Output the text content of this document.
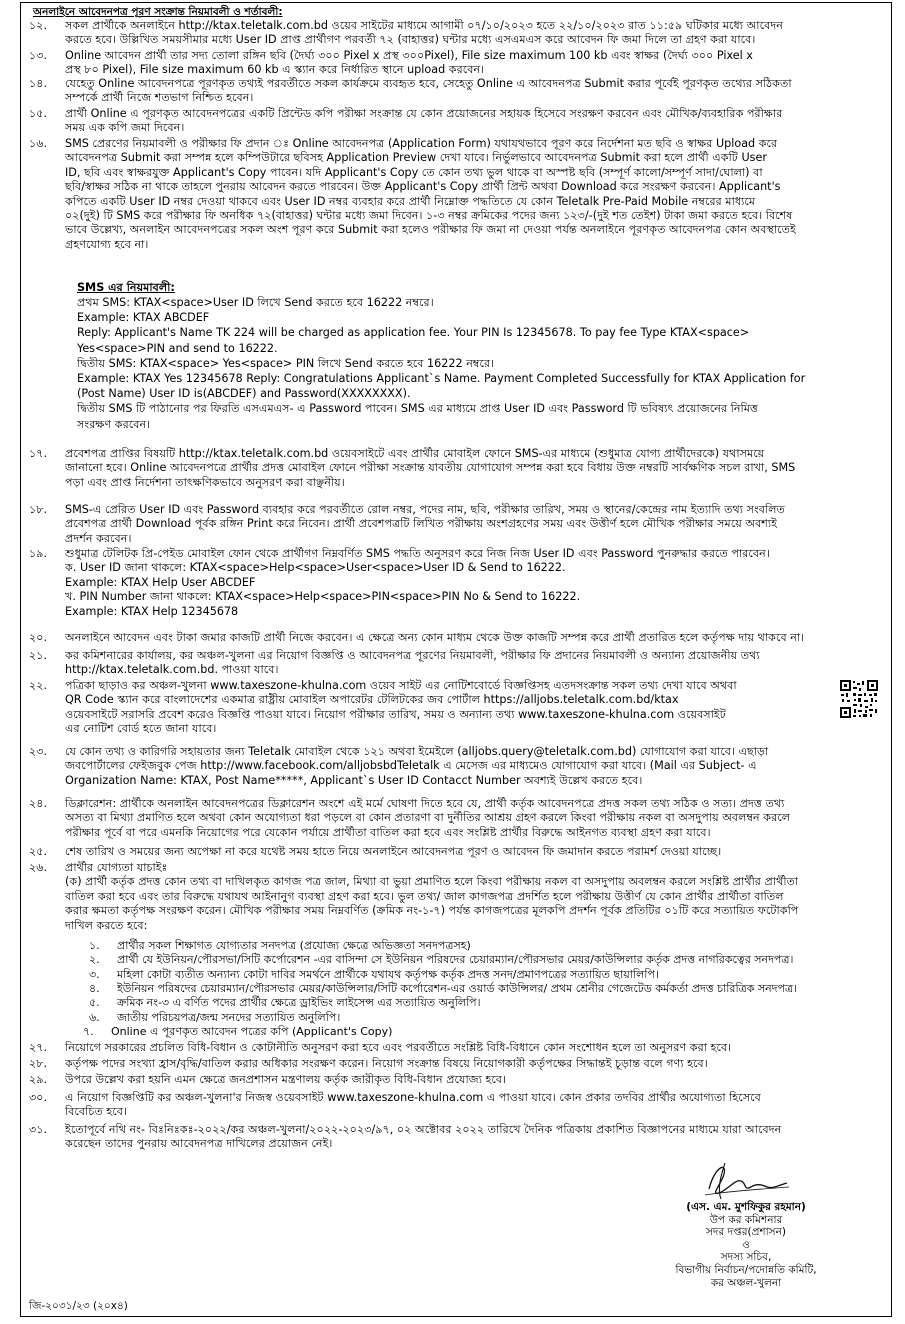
অনলাইনে আবেদনপত্র পূরণ সংক্রান্ত নিয়মাবলী ও শর্তাবলী:
১২.	সকল প্রার্থীকে অনলাইনে http://ktax.teletalk.com.bd ওয়েব সাইটের মাধ্যমে আগামী ০৭/১০/২০২৩ হতে ২২/১০/২০২৩ রাত ১১:৫৯ ঘটিকার মধ্যে আবেদন
করতে হবে। উল্লিখিত সময়সীমার মধ্যে User ID প্রাপ্ত প্রার্থীগণ পরবর্তী ৭২ (বাহাত্তর) ঘন্টার মধ্যে এসএমএস করে আবেদন ফি জমা দিলে তা গ্রহণ করা যাবে।
১৩.	Online আবেদন প্রার্থী তার সদ্য তোলা রঙ্গিন ছবি (দৈর্ঘ্য ৩০০ Pixel x প্রস্থ ৩০০Pixel), File size maximum 100 kb এবং স্বাক্ষর (দৈর্ঘ্য ৩০০ Pixel x
প্রস্থ ৮০ Pixel), File size maximum 60 kb এ স্ক্যান করে নির্ধারিত স্থানে upload করবেন।
১৪.	যেহেতু Online আবেদনপত্রে পূরণকৃত তথ্যই পরবর্তীতে সকল কার্যক্রমে ব্যবহৃত হবে, সেহেতু Online এ আবেদনপত্র Submit করার পূর্বেই পূরণকৃত তথ্যের সঠিকতা
সম্পর্কে প্রার্থী নিজে শতভাগ নিশ্চিত হবেন।
১৫.	প্রার্থী Online এ পূরণকৃত আবেদনপত্রের একটি প্রিন্টেড কপি পরীক্ষা সংক্রান্ত যে কোন প্রয়োজনের সহায়ক হিসেবে সংরক্ষণ করবেন এবং মৌখিক/ব্যবহারিক পরীক্ষার
সময় এক কপি জমা দিবেন।
১৬.	SMS প্রেরণের নিয়মাবলী ও পরীক্ষার ফি প্রদান ঃ Online আবেদনপত্র (Application Form) যথাযথভাবে পূরণ করে নির্দেশনা মত ছবি ও স্বাক্ষর Upload করে
আবেদনপত্র Submit করা সম্পন্ন হলে কম্পিউটারে ছবিসহ Application Preview দেখা যাবে। নির্ভুলভাবে আবেদনপত্র Submit করা হলে প্রার্থী একটি User
ID, ছবি এবং স্বাক্ষরযুক্ত Applicant's Copy পাবেন। যদি Applicant's Copy তে কোন তথ্য ভুল থাকে বা অস্পষ্ট ছবি (সম্পূর্ণ কালো/সম্পূর্ণ সাদা/ঘোলা) বা
ছবি/স্বাক্ষর সঠিক না থাকে তাহলে পুনরায় আবেদন করতে পারবেন। উক্ত Applicant's Copy প্রার্থী প্রিন্ট অথবা Download করে সংরক্ষণ করবেন। Applicant's
কপিতে একটি User ID নম্বর দেওয়া থাকবে এবং User ID নম্বর ব্যবহার করে প্রার্থী নিম্নোক্ত পদ্ধতিতে যে কোন Teletalk Pre-Paid Mobile নম্বরের মাধ্যমে
০২(দুই) টি SMS করে পরীক্ষার ফি অনধিক ৭২(বাহাত্তর) ঘন্টার মধ্যে জমা দিবেন। ১-৩ নম্বর ক্রমিকের পদের জন্য ১২৩/-(দুই শত তেইশ) টাকা জমা করতে হবে। বিশেষ
ভাবে উল্লেখ্য, অনলাইন আবেদনপত্রের সকল অংশ পূরণ করে Submit করা হলেও পরীক্ষার ফি জমা না দেওয়া পর্যন্ত অনলাইনে পূরণকৃত আবেদনপত্র কোন অবস্থাতেই
গ্রহণযোগ্য হবে না।
SMS এর নিয়মাবলী:
প্রথম SMS: KTAX<space>User ID লিখে Send করতে হবে 16222 নম্বরে।
Example: KTAX ABCDEF
Reply: Applicant's Name TK 224 will be charged as application fee. Your PIN Is 12345678. To pay fee Type KTAX<space>
Yes<space>PIN and send to 16222.
দ্বিতীয় SMS: KTAX<space> Yes<space> PIN লিখে Send করতে হবে 16222 নম্বরে।
Example: KTAX Yes 12345678 Reply: Congratulations Applicant`s Name. Payment Completed Successfully for KTAX Application for
(Post Name) User ID is(ABCDEF) and Password(XXXXXXXX).
দ্বিতীয় SMS টি পাঠানোর পর ফিরতি এসএমএস- এ Password পাবেন। SMS এর মাধ্যমে প্রাপ্ত User ID এবং Password টি ভবিষ্যৎ প্রয়োজনের নিমিত্ত
সংরক্ষণ করবেন।
১৭.	প্রবেশপত্র প্রাপ্তির বিষয়টি http://ktax.teletalk.com.bd ওয়েবসাইটে এবং প্রার্থীর মোবাইল ফোনে SMS-এর মাধ্যমে (শুধুমাত্র যোগ্য প্রার্থীদেরকে) যথাসময়ে
জানানো হবে। Online আবেদনপত্রে প্রার্থীর প্রদত্ত মোবাইল ফোনে পরীক্ষা সংক্রান্ত যাবতীয় যোগাযোগ সম্পন্ন করা হবে বিধায় উক্ত নম্বরটি সার্বক্ষণিক সচল রাখা, SMS
পড়া এবং প্রাপ্ত নির্দেশনা তাৎক্ষণিকভাবে অনুসরণ করা বাঞ্ছনীয়।
১৮.	SMS-এ প্রেরিত User ID এবং Password ব্যবহার করে পরবর্তীতে রোল নম্বর, পদের নাম, ছবি, পরীক্ষার তারিখ, সময় ও স্থানের/কেন্দ্রের নাম ইত্যাদি তথ্য সংবলিত
প্রবেশপত্র প্রার্থী Download পূর্বক রঙ্গিন Print করে নিবেন। প্রার্থী প্রবেশপত্রটি লিখিত পরীক্ষায় অংশগ্রহণের সময় এবং উত্তীর্ণ হলে মৌখিক পরীক্ষার সময়ে অবশ্যই
প্রদর্শন করবেন।
১৯.	শুধুমাত্র টেলিটক প্রি-পেইড মোবাইল ফোন থেকে প্রার্থীগণ নিম্নবর্ণিত SMS পদ্ধতি অনুসরণ করে নিজ নিজ User ID এবং Password পুনরুদ্ধার করতে পারবেন।
ক. User ID জানা থাকলে: KTAX<space>Help<space>User<space>User ID & Send to 16222.
Example: KTAX Help User ABCDEF
খ. PIN Number জানা থাকলে: KTAX<space>Help<space>PIN<space>PIN No & Send to 16222.
Example: KTAX Help 12345678
২০.	অনলাইনে আবেদন এবং টাকা জমার কাজটি প্রার্থী নিজে করবেন। এ ক্ষেত্রে অন্য কোন মাধ্যম থেকে উক্ত কাজটি সম্পন্ন করে প্রার্থী প্রতারিত হলে কর্তৃপক্ষ দায় থাকবে না।
২১.	কর কমিশনারের কার্যালয়, কর অঞ্চল-খুলনা এর নিয়োগ বিজ্ঞপ্তি ও আবেদনপত্র পূরণের নিয়মাবলী, পরীক্ষার ফি প্রদানের নিয়মাবলী ও অন্যান্য প্রয়োজনীয় তথ্য
http://ktax.teletalk.com.bd. পাওয়া যাবে।
২২.	পত্রিকা ছাড়াও কর অঞ্চল-খুলনা www.taxeszone-khulna.com ওয়েব সাইট এর নোটিশবোর্ডে বিজ্ঞপ্তিসহ এতদসংক্রান্ত সকল তথ্য দেখা যাবে অথবা
QR Code স্ক্যান করে বাংলাদেশের একমাত্র রাষ্ট্রীয় মোবাইল অপারেটর টেলিটকের জব পোর্টাল https://alljobs.teletalk.com.bd/ktax
ওয়েবসাইটে সরাসরি প্রবেশ করেও বিজ্ঞপ্তি পাওয়া যাবে। নিয়োগ পরীক্ষার তারিখ, সময় ও অন্যান্য তথ্য www.taxeszone-khulna.com ওয়েবসাইট
এর নোটিশ বোর্ড হতে জানা যাবে।
২৩.	যে কোন তথ্য ও কারিগরি সহায়তার জন্য Teletalk মোবাইল থেকে ১২১ অথবা ইমেইলে (alljobs.query@teletalk.com.bd) যোগাযোগ করা যাবে। এছাড়া
জবপোর্টালের ফেইজবুক পেজ http://www.facebook.com/alljobsbdTeletalk এ মেসেজ এর মাধ্যমেও যোগাযোগ করা যাবে। (Mail এর Subject- এ
Organization Name: KTAX, Post Name*****, Applicant`s User ID Contacct Number অবশ্যই উল্লেখ করতে হবে।
২৪.	ডিক্লারেশন: প্রার্থীকে অনলাইন আবেদনপত্রের ডিক্লারেশন অংশে এই মর্মে ঘোষণা দিতে হবে যে, প্রার্থী কর্তৃক আবেদনপত্রে প্রদত্ত সকল তথ্য সঠিক ও সত্য। প্রদত্ত তথ্য
অসত্য বা মিথ্যা প্রমাণিত হলে অথবা কোন অযোগ্যতা ধরা পড়লে বা কোন প্রতারণা বা দুর্নীতির আশ্রয় গ্রহণ করলে কিংবা পরীক্ষায় নকল বা অসদুপায় অবলম্বন করলে
পরীক্ষার পূর্বে বা পরে এমনকি নিয়োগের পরে যেকোন পর্যায়ে প্রার্থীতা বাতিল করা হবে এবং সংশ্লিষ্ট প্রার্থীর বিরুদ্ধে আইনগত ব্যবস্থা গ্রহণ করা যাবে।
২৫.	শেষ তারিখ ও সময়ের জন্য অপেক্ষা না করে যথেষ্ট সময় হাতে নিয়ে অনলাইনে আবেদনপত্র পূরণ ও আবেদন ফি জমাদান করতে পরামর্শ দেওয়া যাচ্ছে।
২৬.	প্রার্থীর যোগ্যতা যাচাইঃ
(ক) প্রার্থী কর্তৃক প্রদত্ত কোন তথ্য বা দাখিলকৃত কাগজ পত্র জাল, মিথ্যা বা ভুয়া প্রমাণিত হলে কিংবা পরীক্ষায় নকল বা অসদুপায় অবলম্বন করলে সংশ্লিষ্ট প্রার্থীর প্রার্থীতা
বাতিল করা হবে এবং তার বিরুদ্ধে যথাযথ আইনানুগ ব্যবস্থা গ্রহণ করা হবে। ভুল তথ্য/ জাল কাগজপত্র প্রদর্শিত হলে পরীক্ষায় উত্তীর্ণ যে কোন প্রার্থীর প্রার্থীতা বাতিল
করার ক্ষমতা কর্তৃপক্ষ সংরক্ষণ করেন। মৌখিক পরীক্ষার সময় নিম্নবর্ণিত (ক্রমিক নং-১-৭) পর্যন্ত কাগজপত্রের মূলকপি প্রদর্শন পূর্বক প্রতিটির ০১টি করে সত্যায়িত ফটোকপি
দাখিল করতে হবে:
১. প্রার্থীর সকল শিক্ষাগত যোগ্যতার সনদপত্র (প্রযোজ্য ক্ষেত্রে অভিজ্ঞতা সনদপত্রসহ)
২. প্রার্থী যে ইউনিয়ন/পৌরসভা/সিটি কর্পোরেশন -এর বাসিন্দা সে ইউনিয়ন পরিষদের চেয়ারম্যান/পৌরসভার মেয়র/কাউন্সিলার কর্তৃক প্রদত্ত নাগরিকত্বের সনদপত্র।
৩. মহিলা কোটা ব্যতীত অন্যান্য কোটা দাবির সমর্থনে প্রার্থীকে যথাযথ কর্তৃপক্ষ কর্তৃক প্রদত্ত সনদ/প্রমাণপত্রের সত্যায়িত ছায়ালিপি।
৪. ইউনিয়ন পরিষদের চেয়ারম্যান/পৌরসভার মেয়র/কাউন্সিলার/সিটি কর্পোরেশন-এর ওয়ার্ড কাউন্সিলর/ প্রথম শ্রেনীর গেজেটেড কর্মকর্তা প্রদত্ত চারিত্রিক সনদপত্র।
৫. ক্রমিক নং-৩ এ বর্ণিত পদের প্রার্থীর ক্ষেত্রে ড্রাইভিং লাইসেন্স এর সত্যায়িত অনুলিপি।
৬. জাতীয় পরিচয়পত্র/জন্ম সনদের সত্যায়িত অনুলিপি।
৭. Online এ পূরণকৃত আবেদন পত্রের কপি (Applicant's Copy)
২৭.	নিয়োগে সরকারের প্রচলিত বিধি-বিধান ও কোটানীতি অনুসরণ করা হবে এবং পরবর্তীতে সংশ্লিষ্ট বিধি-বিধানে কোন সংশোধন হলে তা অনুসরণ করা হবে।
২৮.	কর্তৃপক্ষ পদের সংখ্যা হ্রাস/বৃদ্ধি/বাতিল করার অধিকার সংরক্ষণ করেন। নিয়োগ সংক্রান্ত বিষয়ে নিয়োগকারী কর্তৃপক্ষের সিদ্ধান্তই চূড়ান্ত বলে গণ্য হবে।
২৯.	উপরে উল্লেখ করা হয়নি এমন ক্ষেত্রে জনপ্রশাসন মন্ত্রণালয় কর্তৃক জারীকৃত বিধি-বিধান প্রযোজ্য হবে।
৩০.	এ নিয়োগ বিজ্ঞপ্তিটি কর অঞ্চল-খুলনা'র নিজস্ব ওয়েবসাইট www.taxeszone-khulna.com এ পাওয়া যাবে। কোন প্রকার তদবির প্রার্থীর অযোগ্যতা হিসেবে
বিবেচিত হবে।
৩১.	ইতোপূর্বে নথি নং- বিঃনিঃকঃ-২০২২/কর অঞ্চল-খুলনা/২০২২-২০২৩/৯৭, ০২ অক্টোবর ২০২২ তারিখে দৈনিক পত্রিকায় প্রকাশিত বিজ্ঞাপনের মাধ্যমে যারা আবেদন
করেছেন তাদের পুনরায় আবেদনপত্র দাখিলের প্রয়োজন নেই।
(এস. এম. মুশফিকুর রহমান)
উপ কর কমিশনার
সদর দপ্তর(প্রশাসন)
ও
সদস্য সচিব,
বিভাগীয় নির্বাচন/পদোন্নতি কমিটি,
কর অঞ্চল-খুলনা
জি-২০৩১/২৩ (২০x৪)
